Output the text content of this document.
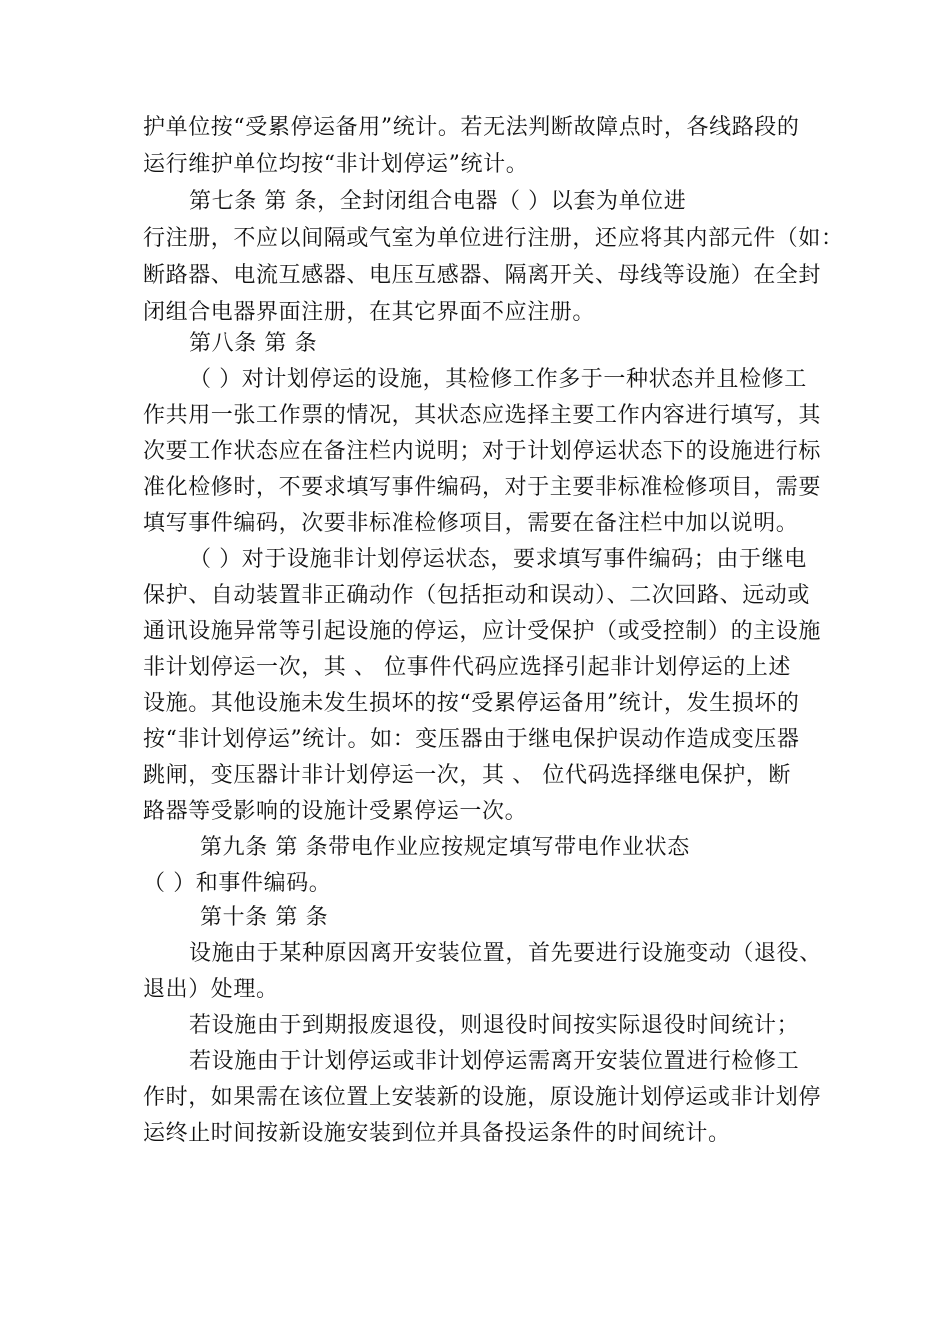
护单位按“受累停运备用”统计。若无法判断故障点时，各线路段的
运行维护单位均按“非计划停运”统计。
第七条 第 条，全封闭组合电器（ ）以套为单位进
行注册，不应以间隔或气室为单位进行注册，还应将其内部元件（如：
断路器、电流互感器、电压互感器、隔离开关、母线等设施）在全封
闭组合电器界面注册，在其它界面不应注册。
第八条 第 条
（ ）对计划停运的设施，其检修工作多于一种状态并且检修工
作共用一张工作票的情况，其状态应选择主要工作内容进行填写，其
次要工作状态应在备注栏内说明；对于计划停运状态下的设施进行标
准化检修时，不要求填写事件编码，对于主要非标准检修项目，需要
填写事件编码，次要非标准检修项目，需要在备注栏中加以说明。
（ ）对于设施非计划停运状态，要求填写事件编码；由于继电
保护、自动装置非正确动作（包括拒动和误动）、二次回路、远动或
通讯设施异常等引起设施的停运，应计受保护（或受控制）的主设施
非计划停运一次，其 、 位事件代码应选择引起非计划停运的上述
设施。其他设施未发生损坏的按“受累停运备用”统计，发生损坏的
按“非计划停运”统计。如：变压器由于继电保护误动作造成变压器
跳闸，变压器计非计划停运一次，其 、 位代码选择继电保护，断
路器等受影响的设施计受累停运一次。
第九条 第 条带电作业应按规定填写带电作业状态
（ ）和事件编码。
第十条 第 条
设施由于某种原因离开安装位置，首先要进行设施变动（退役、
退出）处理。
若设施由于到期报废退役，则退役时间按实际退役时间统计；
若设施由于计划停运或非计划停运需离开安装位置进行检修工
作时，如果需在该位置上安装新的设施，原设施计划停运或非计划停
运终止时间按新设施安装到位并具备投运条件的时间统计。
